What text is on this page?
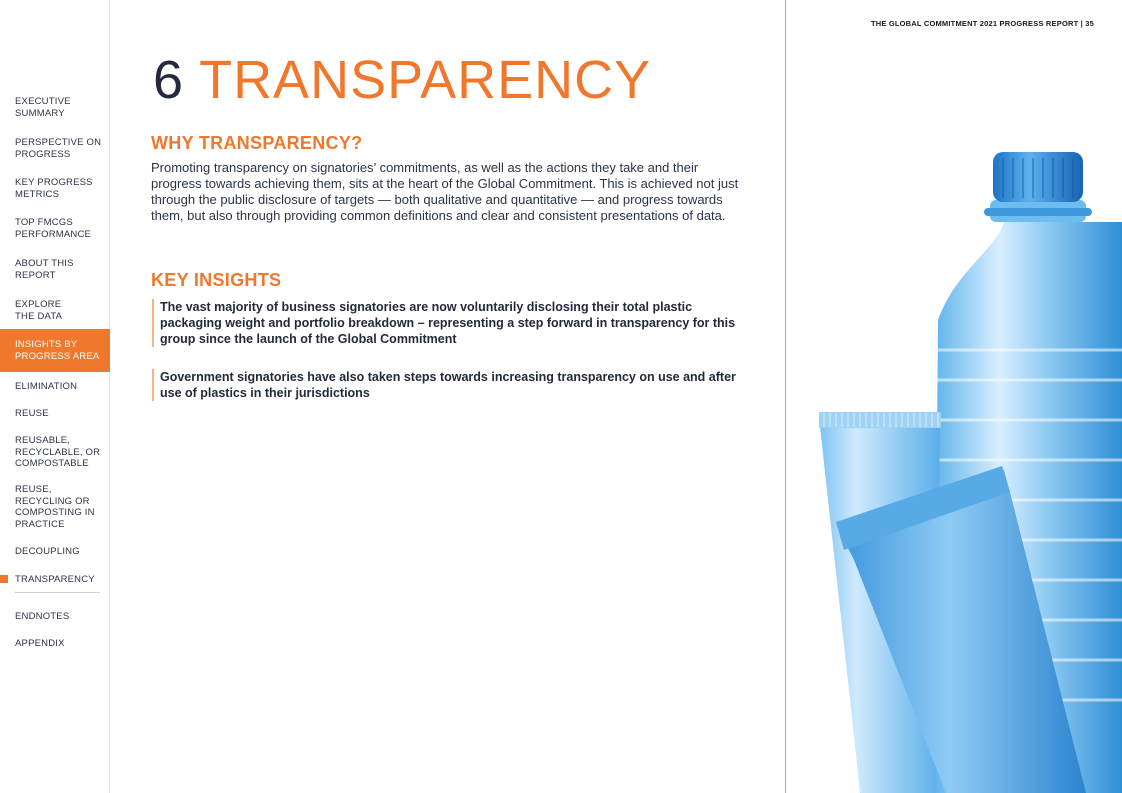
EXECUTIVE SUMMARY
PERSPECTIVE ON PROGRESS
KEY PROGRESS METRICS
TOP FMCGS PERFORMANCE
ABOUT THIS REPORT
EXPLORE THE DATA
INSIGHTS BY PROGRESS AREA
ELIMINATION
REUSE
REUSABLE, RECYCLABLE, OR COMPOSTABLE
REUSE, RECYCLING OR COMPOSTING IN PRACTICE
DECOUPLING
TRANSPARENCY
ENDNOTES
APPENDIX
THE GLOBAL COMMITMENT 2021 PROGRESS REPORT | 35
6 TRANSPARENCY
WHY TRANSPARENCY?

Promoting transparency on signatories’ commitments, as well as the actions they take and their progress towards achieving them, sits at the heart of the Global Commitment. This is achieved not just through the public disclosure of targets — both qualitative and quantitative — and progress towards them, but also through providing common definitions and clear and consistent presentations of data.

KEY INSIGHTS
The vast majority of business signatories are now voluntarily disclosing their total plastic packaging weight and portfolio breakdown – representing a step forward in transparency for this group since the launch of the Global Commitment
Government signatories have also taken steps towards increasing transparency on use and after use of plastics in their jurisdictions
